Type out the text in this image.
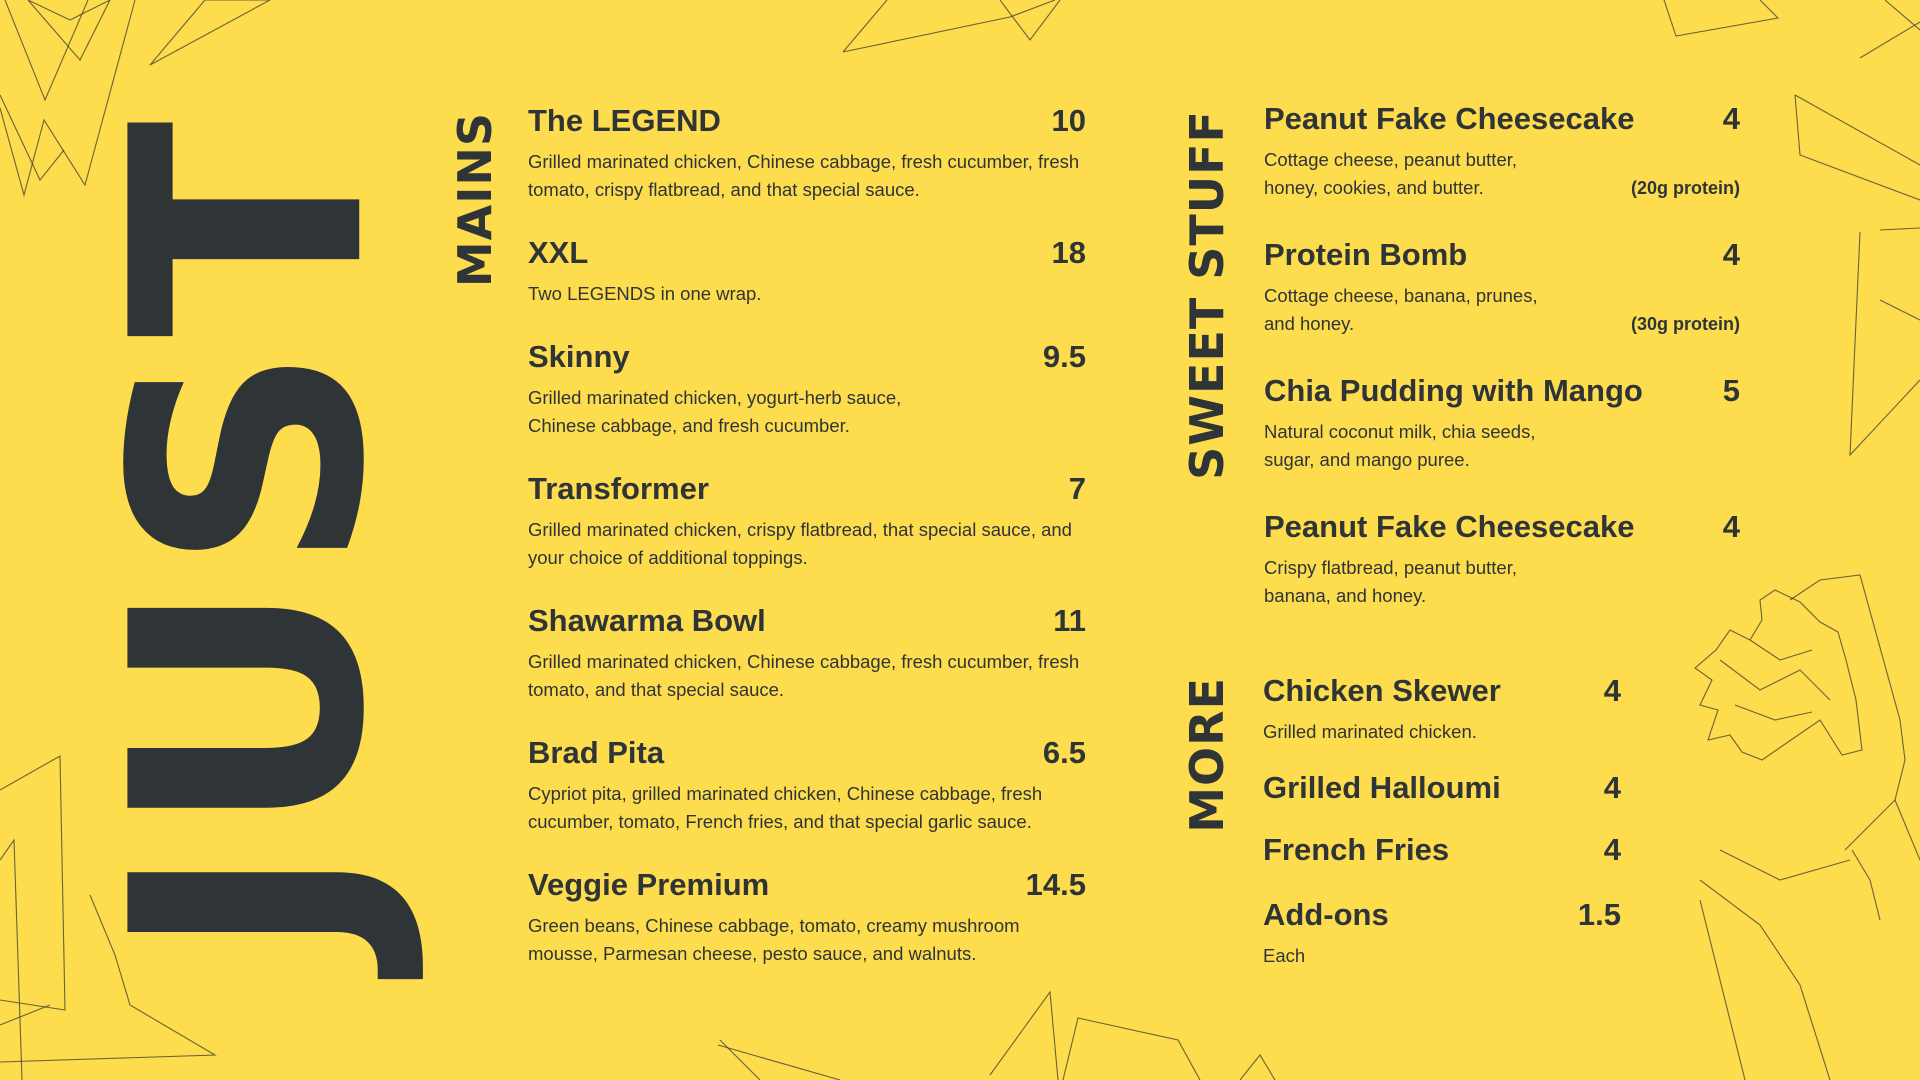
JUST MAINS The LEGEND	10
Grilled marinated chicken, Chinese cabbage, fresh cucumber, fresh tomato, crispy flatbread, and that special sauce.
XXL	18
Two LEGENDS in one wrap.
Skinny	9.5
Grilled marinated chicken, yogurt-herb sauce, Chinese cabbage, and fresh cucumber.
Transformer	7
Grilled marinated chicken, crispy flatbread, that special sauce, and your choice of additional toppings.
Shawarma Bowl	11
Grilled marinated chicken, Chinese cabbage, fresh cucumber, fresh tomato, and that special sauce.
Brad Pita	6.5
Cypriot pita, grilled marinated chicken, Chinese cabbage, fresh cucumber, tomato, French fries, and that special garlic sauce.
Veggie Premium	14.5
Green beans, Chinese cabbage, tomato, creamy mushroom mousse, Parmesan cheese, pesto sauce, and walnuts.
SWEET STUFF Peanut Fake Cheesecake	4
Cottage cheese, peanut butter, honey, cookies, and butter.	(20g protein)
Protein Bomb	4
Cottage cheese, banana, prunes, and honey.	(30g protein)
Chia Pudding with Mango	5
Natural coconut milk, chia seeds, sugar, and mango puree.
Peanut Fake Cheesecake	4
Crispy flatbread, peanut butter, banana, and honey.
MORE Chicken Skewer	4
Grilled marinated chicken.
Grilled Halloumi	4
French Fries	4
Add-ons	1.5
Each
